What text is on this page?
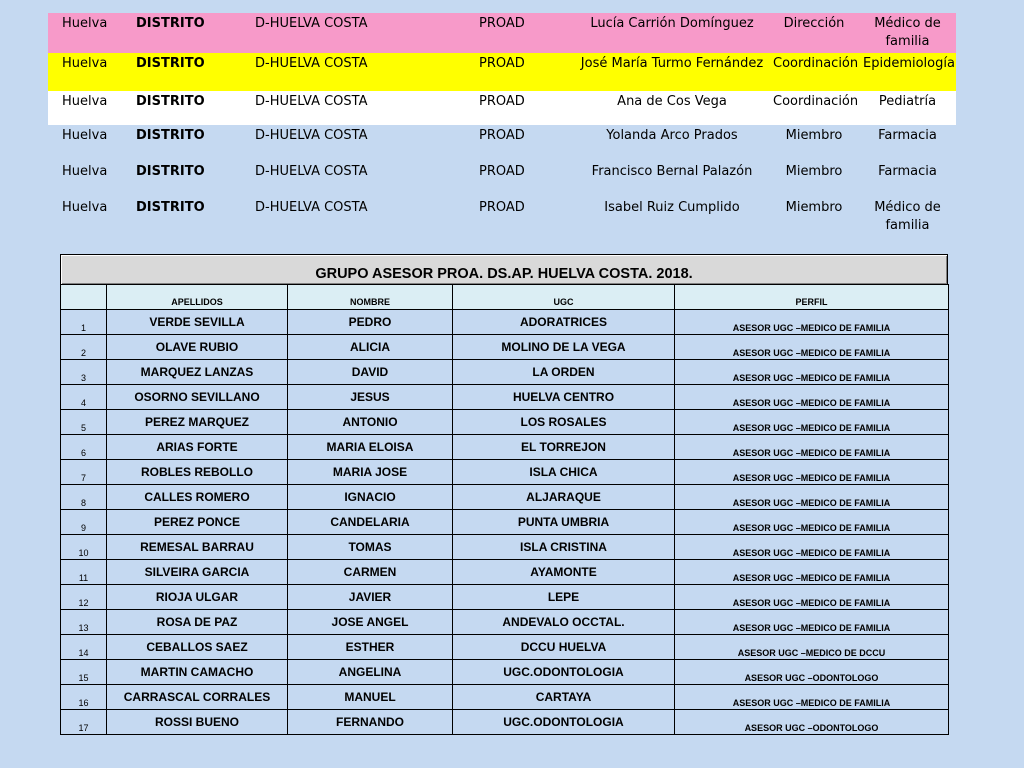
Huelva	DISTRITO	D-HUELVA COSTA	PROAD	Lucía Carrión Domínguez	Dirección	Médico de familia
Huelva	DISTRITO	D-HUELVA COSTA	PROAD	José María Turmo Fernández	Coordinación	Epidemiología
Huelva	DISTRITO	D-HUELVA COSTA	PROAD	Ana de Cos Vega	Coordinación	Pediatría
Huelva	DISTRITO	D-HUELVA COSTA	PROAD	Yolanda Arco Prados	Miembro	Farmacia
Huelva	DISTRITO	D-HUELVA COSTA	PROAD	Francisco Bernal Palazón	Miembro	Farmacia
Huelva	DISTRITO	D-HUELVA COSTA	PROAD	Isabel Ruiz Cumplido	Miembro	Médico de familia
GRUPO ASESOR PROA. DS.AP. HUELVA COSTA. 2018.
	APELLIDOS	NOMBRE	UGC	PERFIL
1	VERDE SEVILLA	PEDRO	ADORATRICES	ASESOR UGC –MEDICO DE FAMILIA
2	OLAVE RUBIO	ALICIA	MOLINO DE LA VEGA	ASESOR UGC –MEDICO DE FAMILIA
3	MARQUEZ LANZAS	DAVID	LA ORDEN	ASESOR UGC –MEDICO DE FAMILIA
4	OSORNO SEVILLANO	JESUS	HUELVA CENTRO	ASESOR UGC –MEDICO DE FAMILIA
5	PEREZ MARQUEZ	ANTONIO	LOS ROSALES	ASESOR UGC –MEDICO DE FAMILIA
6	ARIAS FORTE	MARIA ELOISA	EL TORREJON	ASESOR UGC –MEDICO DE FAMILIA
7	ROBLES REBOLLO	MARIA JOSE	ISLA CHICA	ASESOR UGC –MEDICO DE FAMILIA
8	CALLES ROMERO	IGNACIO	ALJARAQUE	ASESOR UGC –MEDICO DE FAMILIA
9	PEREZ PONCE	CANDELARIA	PUNTA UMBRIA	ASESOR UGC –MEDICO DE FAMILIA
10	REMESAL BARRAU	TOMAS	ISLA CRISTINA	ASESOR UGC –MEDICO DE FAMILIA
11	SILVEIRA GARCIA	CARMEN	AYAMONTE	ASESOR UGC –MEDICO DE FAMILIA
12	RIOJA ULGAR	JAVIER	LEPE	ASESOR UGC –MEDICO DE FAMILIA
13	ROSA DE PAZ	JOSE ANGEL	ANDEVALO OCCTAL.	ASESOR UGC –MEDICO DE FAMILIA
14	CEBALLOS SAEZ	ESTHER	DCCU HUELVA	ASESOR UGC –MEDICO DE DCCU
15	MARTIN CAMACHO	ANGELINA	UGC.ODONTOLOGIA	ASESOR UGC –ODONTOLOGO
16	CARRASCAL CORRALES	MANUEL	CARTAYA	ASESOR UGC –MEDICO DE FAMILIA
17	ROSSI BUENO	FERNANDO	UGC.ODONTOLOGIA	ASESOR UGC –ODONTOLOGO
